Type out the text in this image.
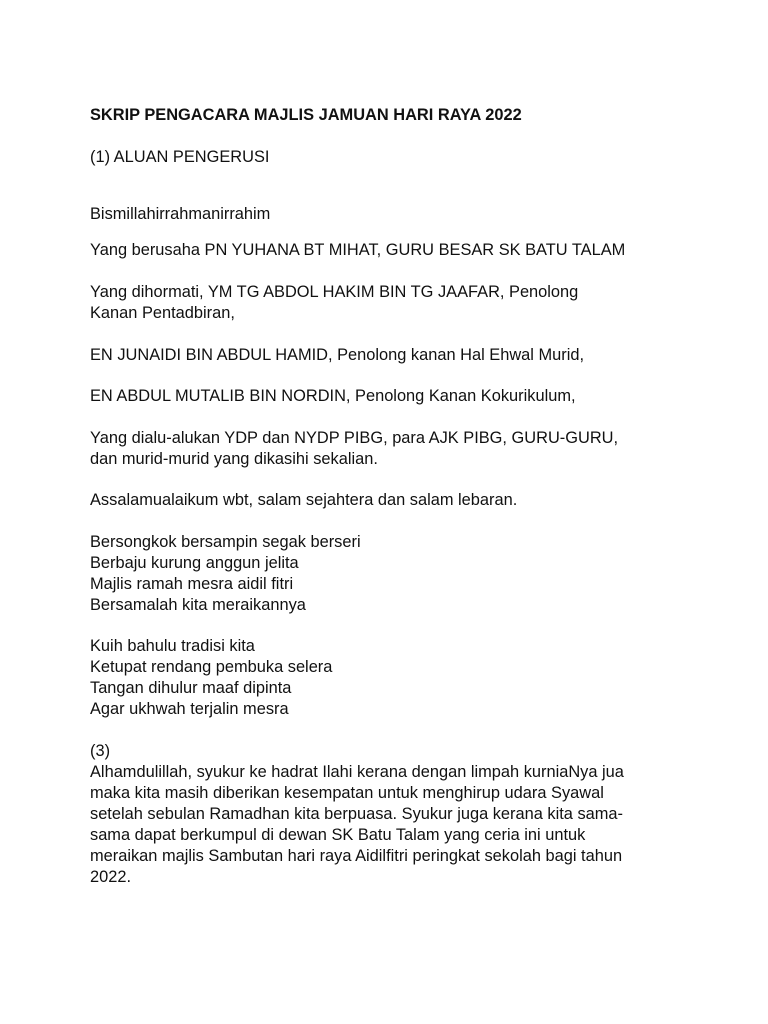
SKRIP PENGACARA MAJLIS JAMUAN HARI RAYA 2022

(1) ALUAN PENGERUSI

Bismillahirrahmanirrahim

Yang berusaha PN YUHANA BT MIHAT, GURU BESAR SK BATU TALAM

Yang dihormati, YM TG ABDOL HAKIM BIN TG JAAFAR, Penolong

Kanan Pentadbiran,

EN JUNAIDI BIN ABDUL HAMID, Penolong kanan Hal Ehwal Murid,

EN ABDUL MUTALIB BIN NORDIN, Penolong Kanan Kokurikulum,

Yang dialu-alukan YDP dan NYDP PIBG, para AJK PIBG, GURU-GURU,

dan murid-murid yang dikasihi sekalian.

Assalamualaikum wbt, salam sejahtera dan salam lebaran.

Bersongkok bersampin segak berseri

Berbaju kurung anggun jelita

Majlis ramah mesra aidil fitri

Bersamalah kita meraikannya

Kuih bahulu tradisi kita

Ketupat rendang pembuka selera

Tangan dihulur maaf dipinta

Agar ukhwah terjalin mesra

(3)

Alhamdulillah, syukur ke hadrat Ilahi kerana dengan limpah kurniaNya jua

maka kita masih diberikan kesempatan untuk menghirup udara Syawal

setelah sebulan Ramadhan kita berpuasa. Syukur juga kerana kita sama-

sama dapat berkumpul di dewan SK Batu Talam yang ceria ini untuk

meraikan majlis Sambutan hari raya Aidilfitri peringkat sekolah bagi tahun

2022.
